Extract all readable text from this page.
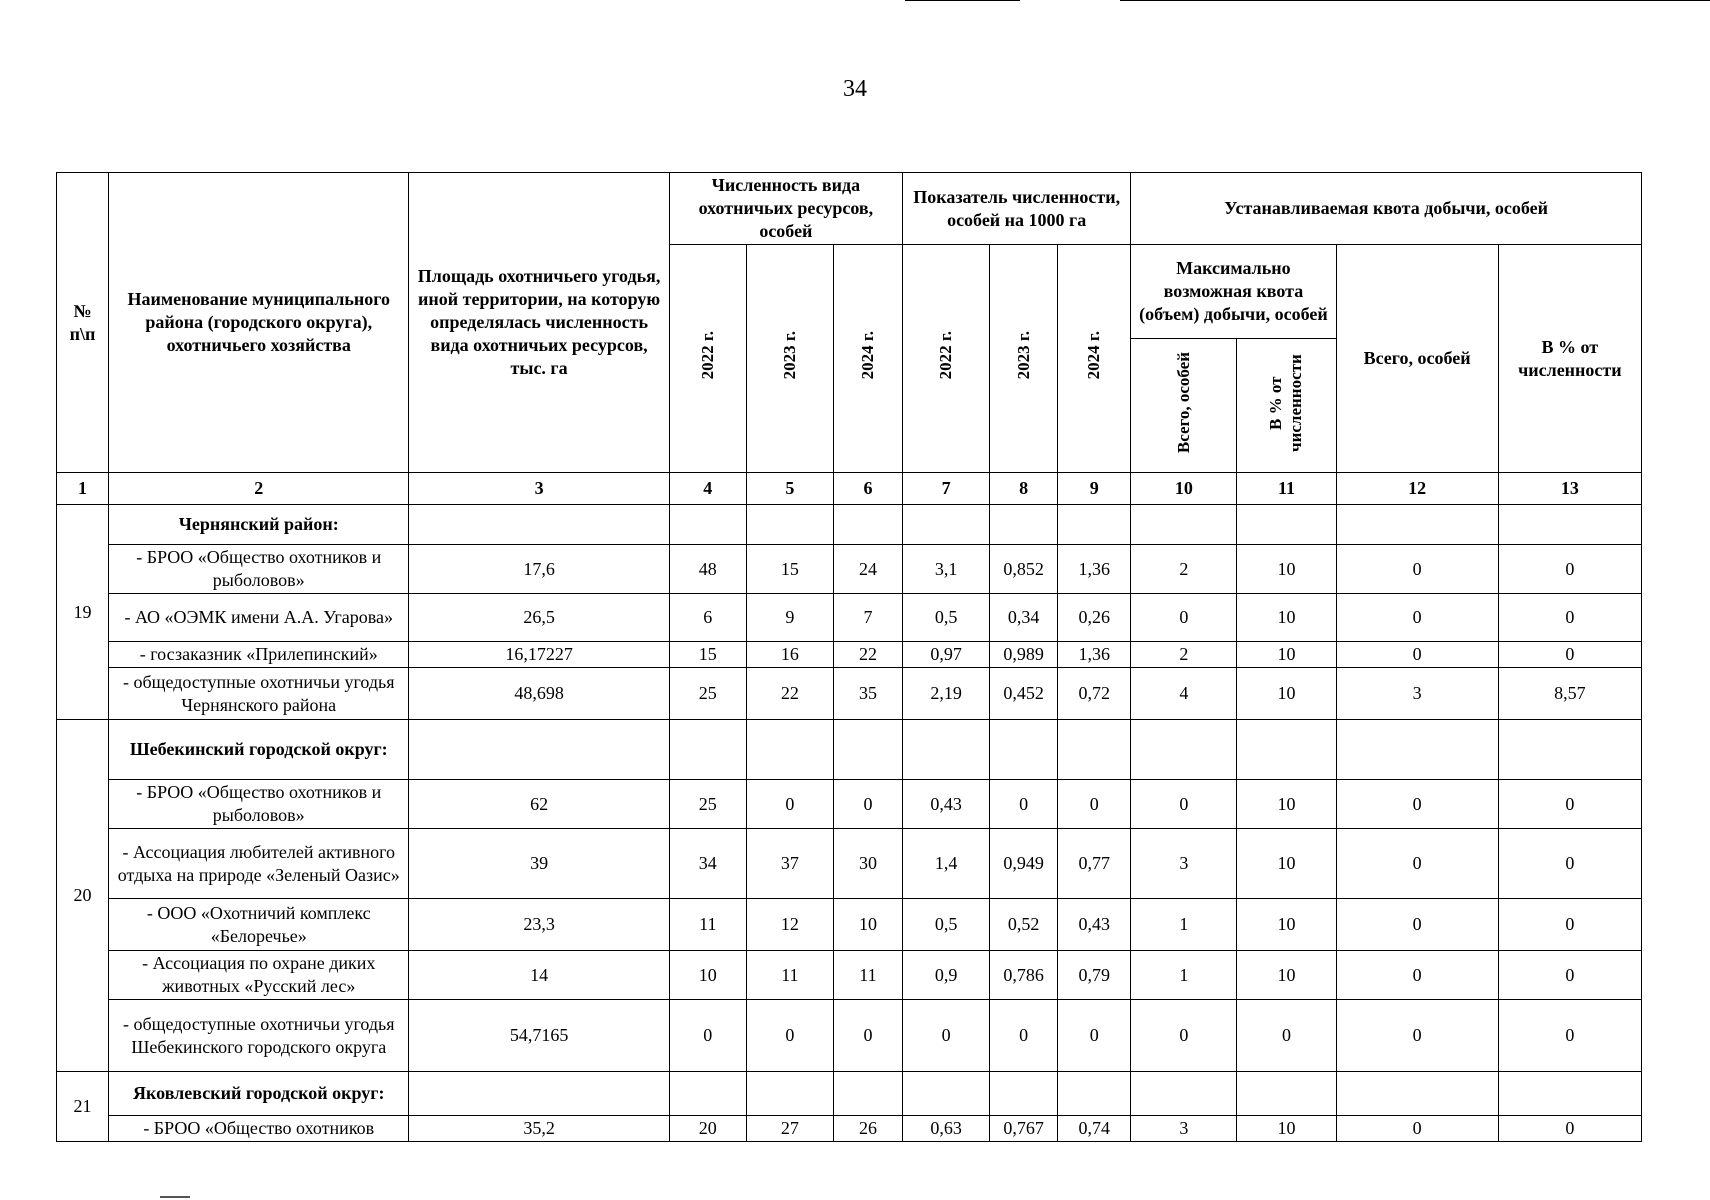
34
№ п\п	Наименование муниципального района (городского округа), охотничьего хозяйства	Площадь охотничьего угодья, иной территории, на которую определялась численность вида охотничьих ресурсов, тыс. га	Численность вида охотничьих ресурсов, особей			Показатель численности, особей на 1000 га			Устанавливаемая квота добычи, особей			
			2022 г.	2023 г.	2024 г.	2022 г.	2023 г.	2024 г.	Максимально возможная квота (объем) добычи, особей		Всего, особей	В % от численности
									Всего, особей	В % от численности		
1	2	3	4	5	6	7	8	9	10	11	12	13
19	Чернянский район:											
	- БРОО «Общество охотников и рыболовов»	17,6	48	15	24	3,1	0,852	1,36	2	10	0	0
	- АО «ОЭМК имени А.А. Угарова»	26,5	6	9	7	0,5	0,34	0,26	0	10	0	0
	- госзаказник «Прилепинский»	16,17227	15	16	22	0,97	0,989	1,36	2	10	0	0
	- общедоступные охотничьи угодья Чернянского района	48,698	25	22	35	2,19	0,452	0,72	4	10	3	8,57
20	Шебекинский городской округ:											
	- БРОО «Общество охотников и рыболовов»	62	25	0	0	0,43	0	0	0	10	0	0
	- Ассоциация любителей активного отдыха на природе «Зеленый Оазис»	39	34	37	30	1,4	0,949	0,77	3	10	0	0
	- ООО «Охотничий комплекс «Белоречье»	23,3	11	12	10	0,5	0,52	0,43	1	10	0	0
	- Ассоциация по охране диких животных «Русский лес»	14	10	11	11	0,9	0,786	0,79	1	10	0	0
	- общедоступные охотничьи угодья Шебекинского городского округа	54,7165	0	0	0	0	0	0	0	0	0	0
21	Яковлевский городской округ:											
	- БРОО «Общество охотников	35,2	20	27	26	0,63	0,767	0,74	3	10	0	0
